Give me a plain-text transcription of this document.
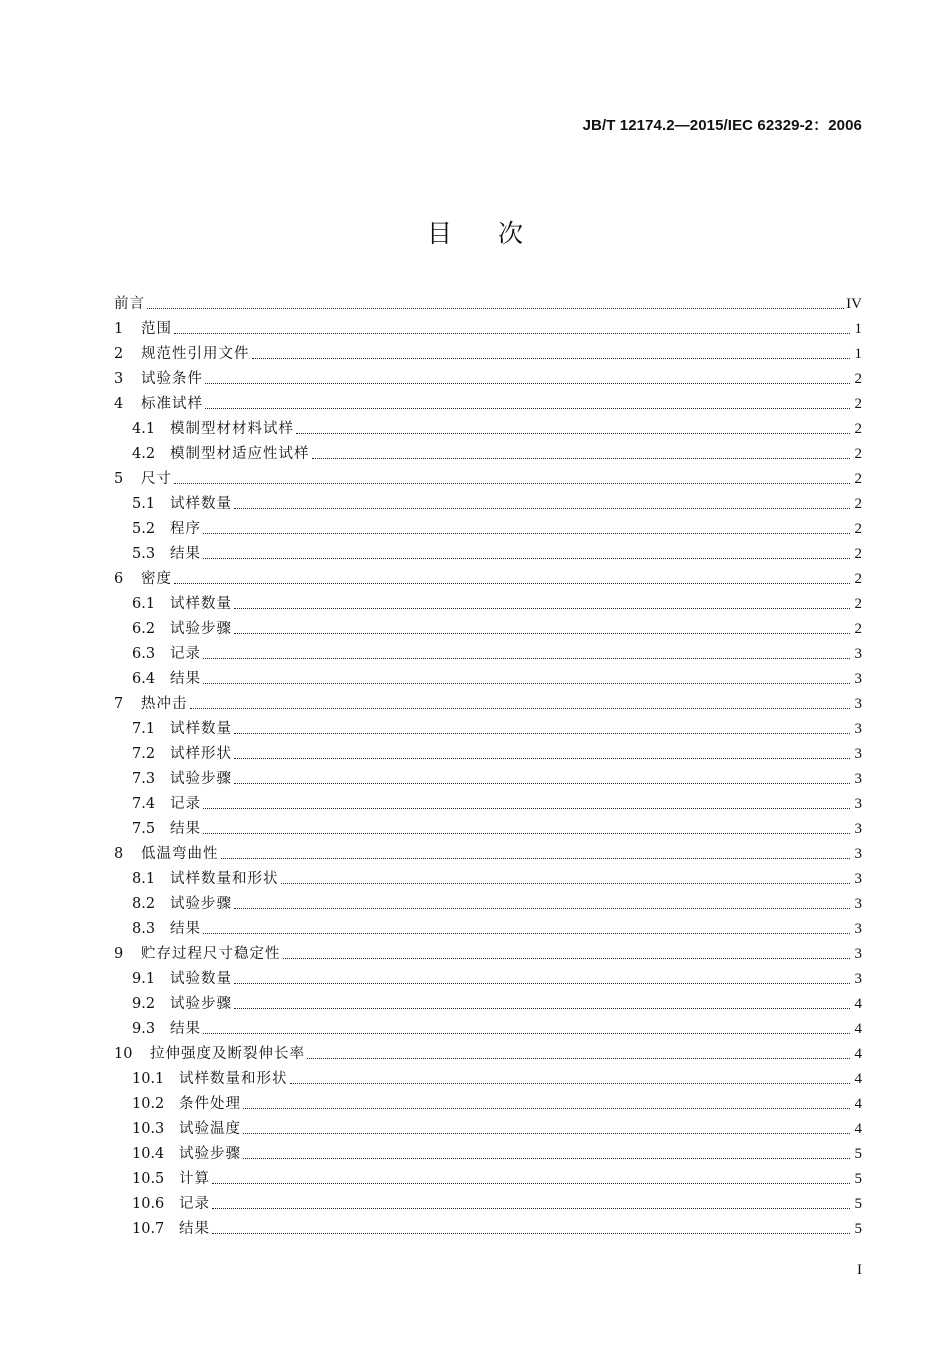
JB/T 12174.2—2015/IEC 62329-2：2006
目 次
前言	IV
1	范围	1
2	规范性引用文件	1
3	试验条件	2
4	标准试样	2
4.1	模制型材材料试样	2
4.2	模制型材适应性试样	2
5	尺寸	2
5.1	试样数量	2
5.2	程序	2
5.3	结果	2
6	密度	2
6.1	试样数量	2
6.2	试验步骤	2
6.3	记录	3
6.4	结果	3
7	热冲击	3
7.1	试样数量	3
7.2	试样形状	3
7.3	试验步骤	3
7.4	记录	3
7.5	结果	3
8	低温弯曲性	3
8.1	试样数量和形状	3
8.2	试验步骤	3
8.3	结果	3
9	贮存过程尺寸稳定性	3
9.1	试验数量	3
9.2	试验步骤	4
9.3	结果	4
10	拉伸强度及断裂伸长率	4
10.1	试样数量和形状	4
10.2	条件处理	4
10.3	试验温度	4
10.4	试验步骤	5
10.5	计算	5
10.6	记录	5
10.7	结果	5
I
